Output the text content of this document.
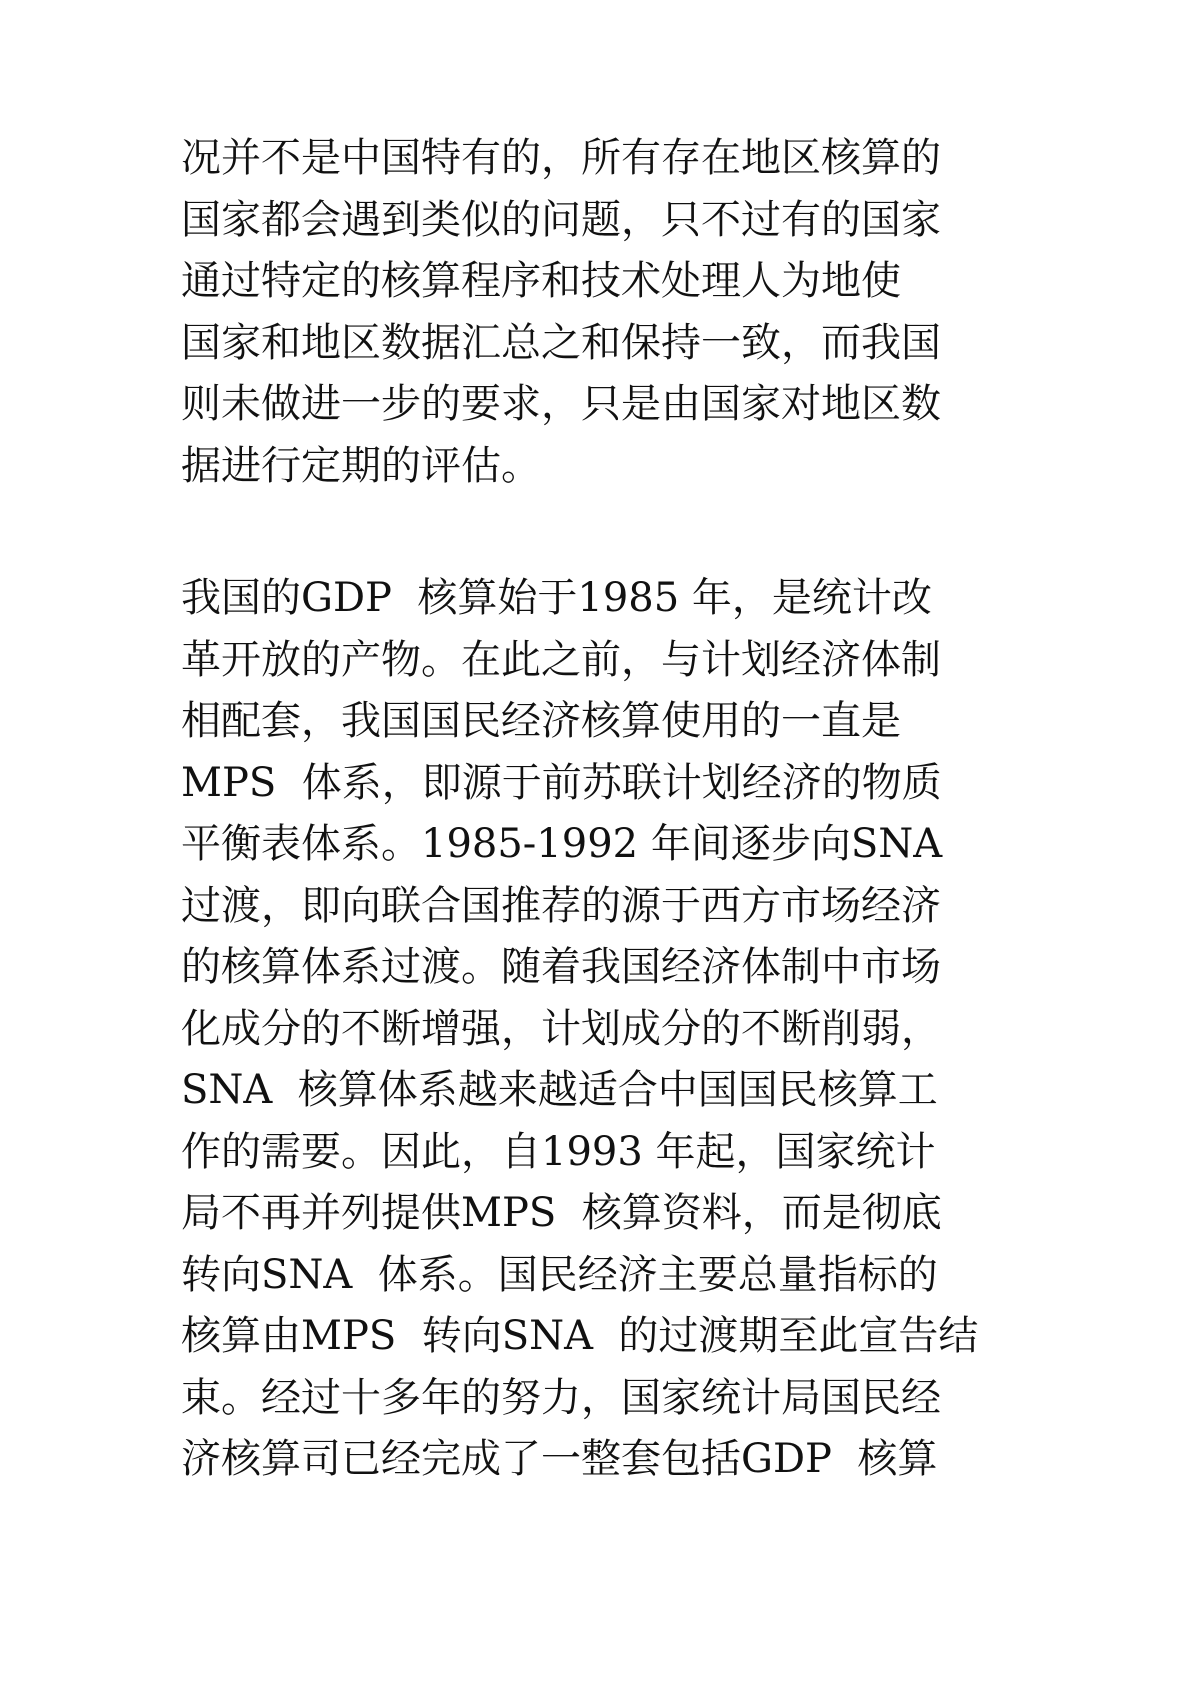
况并不是中国特有的，所有存在地区核算的
国家都会遇到类似的问题，只不过有的国家
通过特定的核算程序和技术处理人为地使
国家和地区数据汇总之和保持一致，而我国
则未做进一步的要求，只是由国家对地区数
据进行定期的评估。
我国的GDP  核算始于1985 年，是统计改
革开放的产物。在此之前，与计划经济体制
相配套，我国国民经济核算使用的一直是
MPS  体系，即源于前苏联计划经济的物质
平衡表体系。1985-1992 年间逐步向SNA
过渡，即向联合国推荐的源于西方市场经济
的核算体系过渡。随着我国经济体制中市场
化成分的不断增强，计划成分的不断削弱，
SNA  核算体系越来越适合中国国民核算工
作的需要。因此，自1993 年起，国家统计
局不再并列提供MPS  核算资料，而是彻底
转向SNA  体系。国民经济主要总量指标的
核算由MPS  转向SNA  的过渡期至此宣告结
束。经过十多年的努力，国家统计局国民经
济核算司已经完成了一整套包括GDP  核算
